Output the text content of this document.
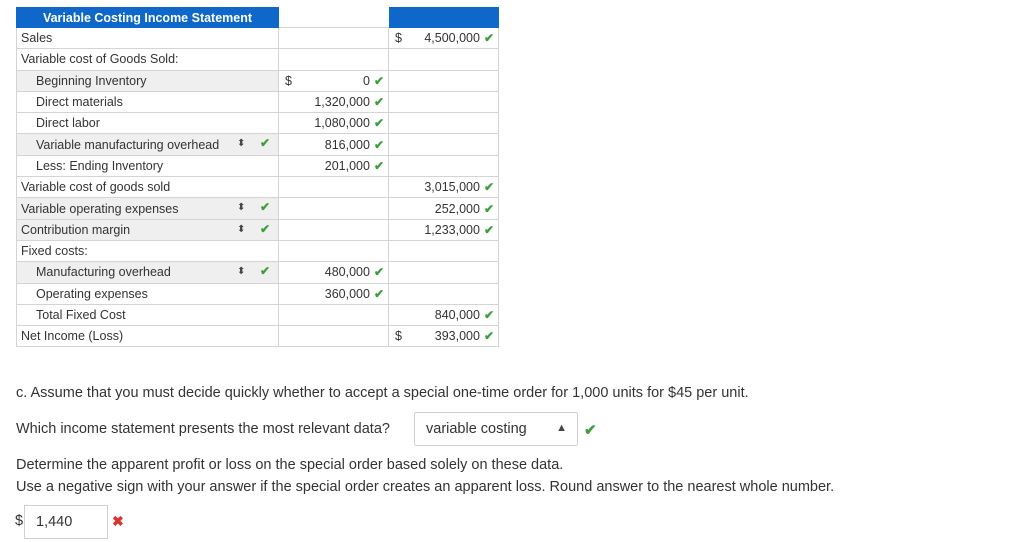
Variable Costing Income Statement		
Sales		$ 4,500,000 ✔
Variable cost of Goods Sold:		
Beginning Inventory	$ 0 ✔	
Direct materials	1,320,000 ✔	
Direct labor	1,080,000 ✔	
Variable manufacturing overhead ⬍ ✔	816,000 ✔	
Less: Ending Inventory	201,000 ✔	
Variable cost of goods sold		3,015,000 ✔
Variable operating expenses ⬍ ✔		252,000 ✔
Contribution margin ⬍ ✔		1,233,000 ✔
Fixed costs:		
Manufacturing overhead ⬍ ✔	480,000 ✔	
Operating expenses	360,000 ✔	
Total Fixed Cost		840,000 ✔
Net Income (Loss)		$ 393,000 ✔
c. Assume that you must decide quickly whether to accept a special one-time order for 1,000 units for $45 per unit.
Which income statement presents the most relevant data? variable costing	▲ ✔
Determine the apparent profit or loss on the special order based solely on these data.
Use a negative sign with your answer if the special order creates an apparent loss. Round answer to the nearest whole number.
$ 1,440	✖
